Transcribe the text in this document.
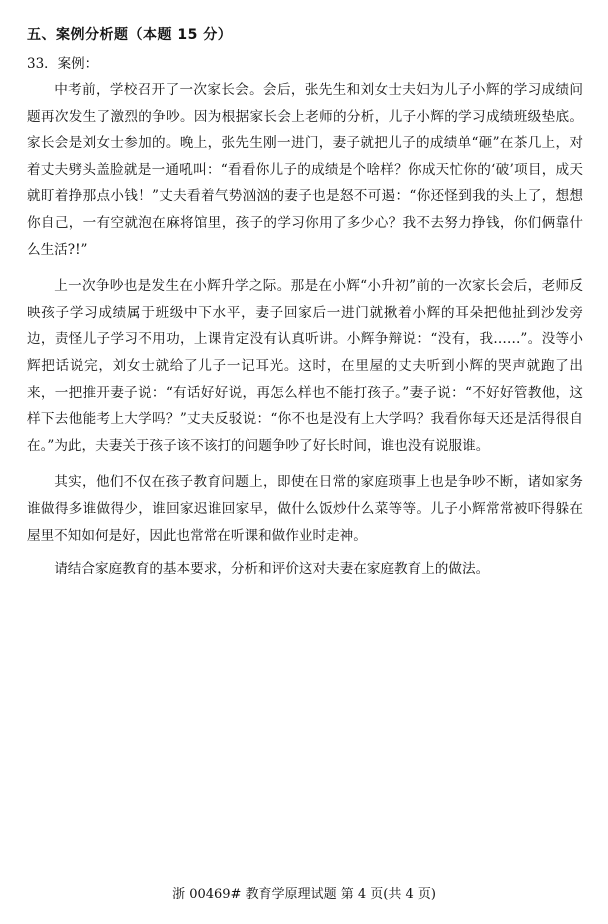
五、案例分析题（本题 15 分）
33．案例：

中考前，学校召开了一次家长会。会后，张先生和刘女士夫妇为儿子小辉的学习成绩问题再次发生了激烈的争吵。因为根据家长会上老师的分析，儿子小辉的学习成绩班级垫底。家长会是刘女士参加的。晚上，张先生刚一进门，妻子就把儿子的成绩单“砸”在茶几上，对着丈夫劈头盖脸就是一通吼叫：“看看你儿子的成绩是个啥样？你成天忙你的‘破’项目，成天就盯着挣那点小钱！”丈夫看着气势汹汹的妻子也是怒不可遏：“你还怪到我的头上了，想想你自己，一有空就泡在麻将馆里，孩子的学习你用了多少心？我不去努力挣钱，你们俩靠什么生活?!”

上一次争吵也是发生在小辉升学之际。那是在小辉“小升初”前的一次家长会后，老师反映孩子学习成绩属于班级中下水平，妻子回家后一进门就揪着小辉的耳朵把他扯到沙发旁边，责怪儿子学习不用功，上课肯定没有认真听讲。小辉争辩说：“没有，我……”。没等小辉把话说完，刘女士就给了儿子一记耳光。这时，在里屋的丈夫听到小辉的哭声就跑了出来，一把推开妻子说：“有话好好说，再怎么样也不能打孩子。”妻子说：“不好好管教他，这样下去他能考上大学吗？”丈夫反驳说：“你不也是没有上大学吗？我看你每天还是活得很自在。”为此，夫妻关于孩子该不该打的问题争吵了好长时间，谁也没有说服谁。

其实，他们不仅在孩子教育问题上，即使在日常的家庭琐事上也是争吵不断，诸如家务谁做得多谁做得少，谁回家迟谁回家早，做什么饭炒什么菜等等。儿子小辉常常被吓得躲在屋里不知如何是好，因此也常常在听课和做作业时走神。

请结合家庭教育的基本要求，分析和评价这对夫妻在家庭教育上的做法。

浙 00469# 教育学原理试题 第 4 页(共 4 页)
